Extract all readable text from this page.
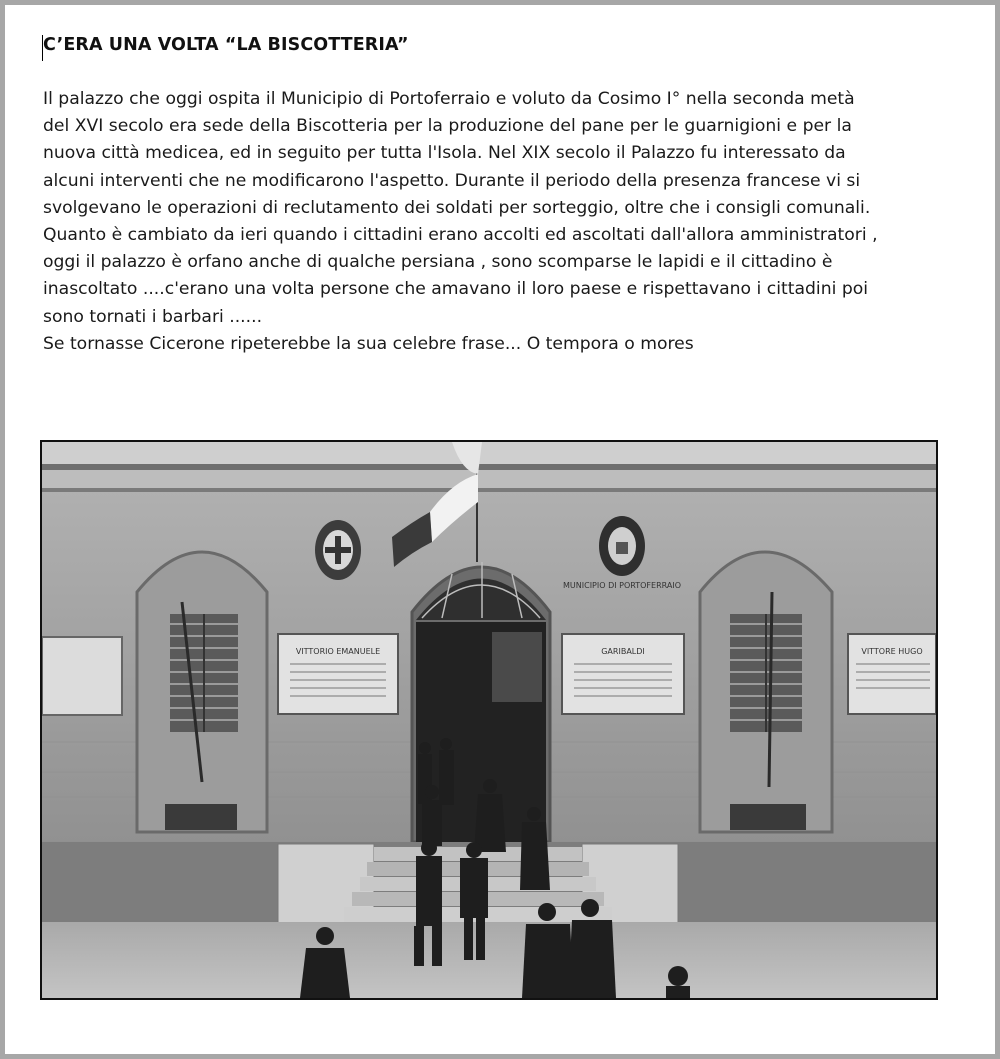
C’ERA UNA VOLTA “LA BISCOTTERIA”

Il palazzo che oggi ospita il Municipio di Portoferraio e voluto da Cosimo I° nella seconda metà

del XVI secolo era sede della Biscotteria per la produzione del pane per le guarnigioni e per la

nuova città medicea, ed in seguito per tutta l'Isola. Nel XIX secolo il Palazzo fu interessato da

alcuni interventi che ne modificarono l'aspetto. Durante il periodo della presenza francese vi si

svolgevano le operazioni di reclutamento dei soldati per sorteggio, oltre che i consigli comunali.

Quanto è cambiato da ieri quando i cittadini erano accolti ed ascoltati dall'allora amministratori ,

oggi il palazzo è orfano anche di qualche persiana , sono scomparse le lapidi e il cittadino è

inascoltato ....c'erano una volta persone che amavano il loro paese e rispettavano i cittadini poi

sono tornati i barbari ......

Se tornasse Cicerone ripeterebbe la sua celebre frase... O tempora o mores

VITTORIO EMANUELE	GARIBALDI	VITTORE HUGO
MUNICIPIO DI PORTOFERRAIO
